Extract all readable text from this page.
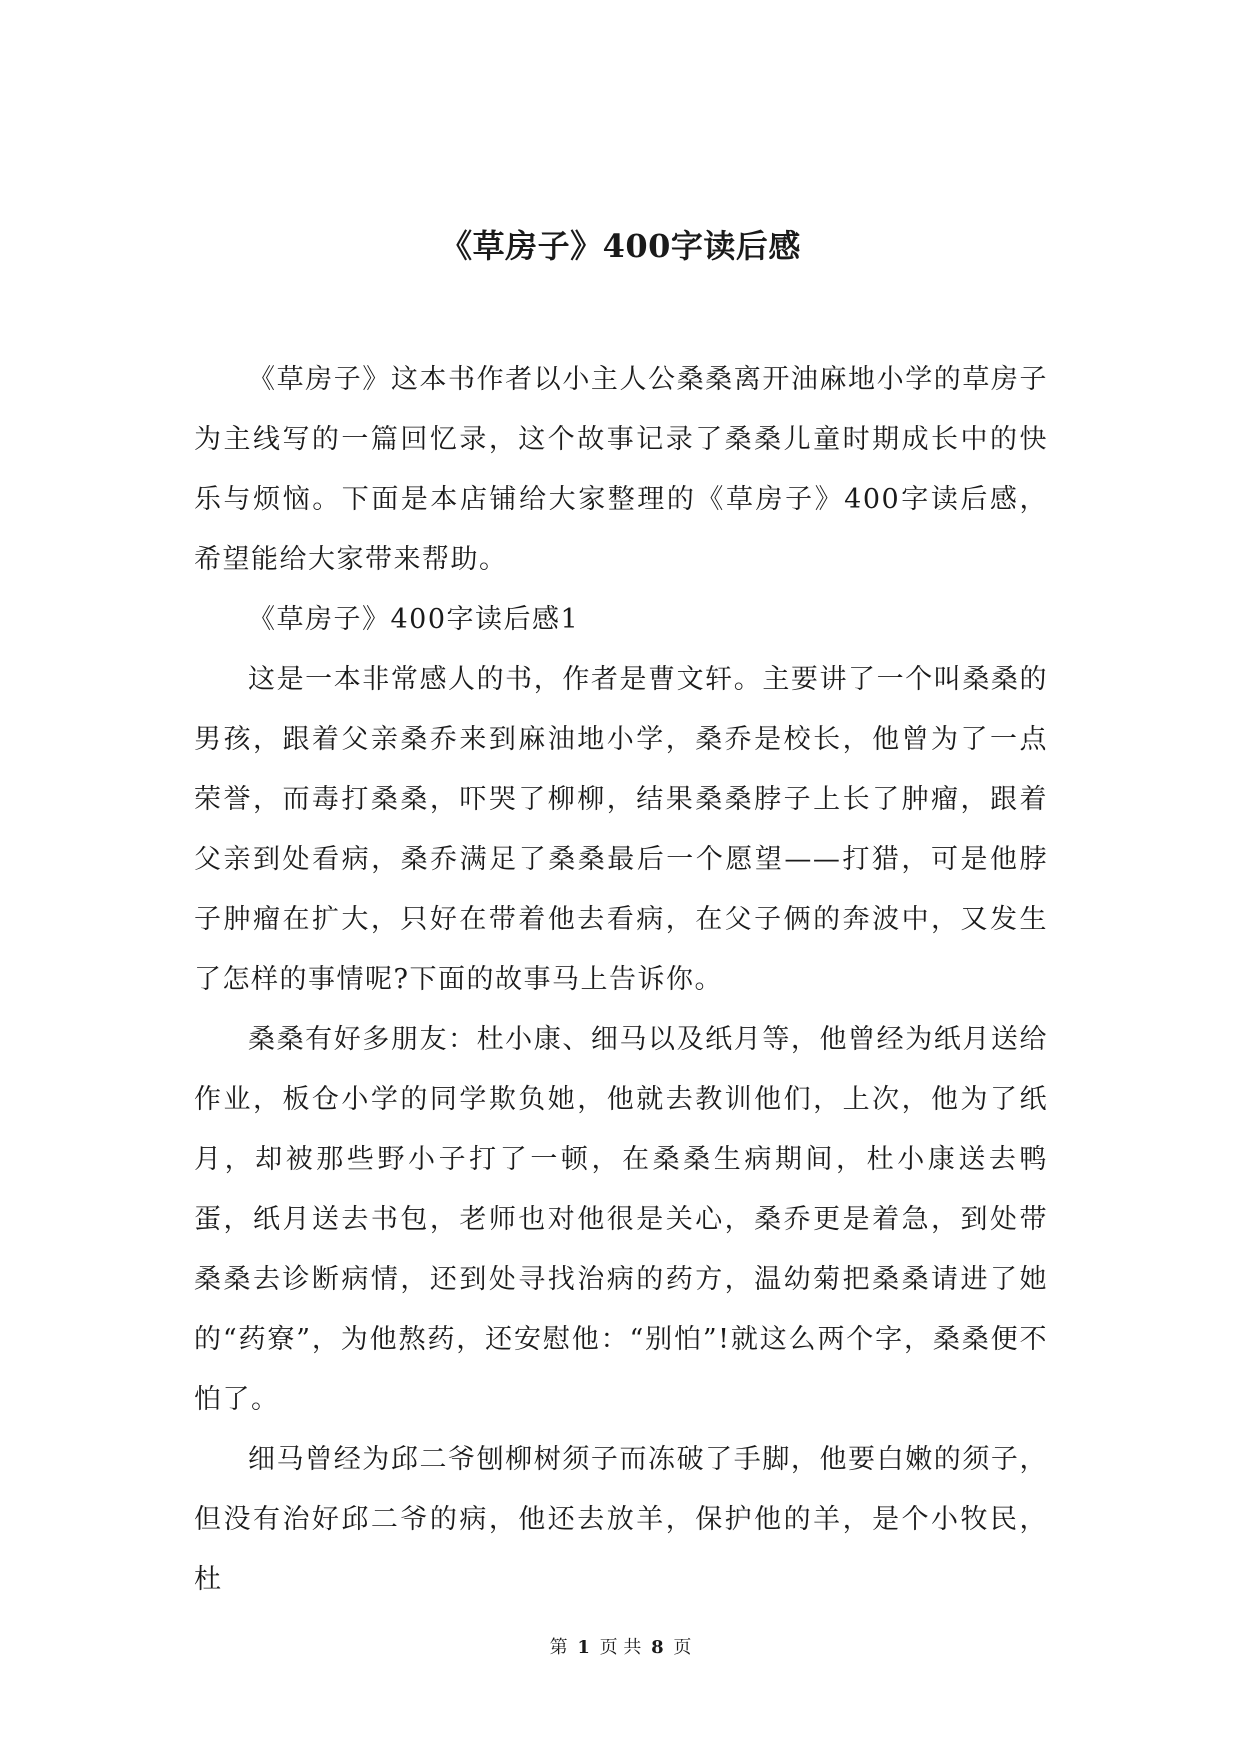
《草房子》400字读后感

《草房子》这本书作者以小主人公桑桑离开油麻地小学的草房子为主线写的一篇回忆录，这个故事记录了桑桑儿童时期成长中的快乐与烦恼。下面是本店铺给大家整理的《草房子》400字读后感，希望能给大家带来帮助。

《草房子》400字读后感1

这是一本非常感人的书，作者是曹文轩。主要讲了一个叫桑桑的男孩，跟着父亲桑乔来到麻油地小学，桑乔是校长，他曾为了一点荣誉，而毒打桑桑，吓哭了柳柳，结果桑桑脖子上长了肿瘤，跟着父亲到处看病，桑乔满足了桑桑最后一个愿望——打猎，可是他脖子肿瘤在扩大，只好在带着他去看病，在父子俩的奔波中，又发生了怎样的事情呢?下面的故事马上告诉你。

桑桑有好多朋友：杜小康、细马以及纸月等，他曾经为纸月送给作业，板仓小学的同学欺负她，他就去教训他们，上次，他为了纸月，却被那些野小子打了一顿，在桑桑生病期间，杜小康送去鸭蛋，纸月送去书包，老师也对他很是关心，桑乔更是着急，到处带桑桑去诊断病情，还到处寻找治病的药方，温幼菊把桑桑请进了她的“药寮”，为他熬药，还安慰他：“别怕”!就这么两个字，桑桑便不怕了。

细马曾经为邱二爷刨柳树须子而冻破了手脚，他要白嫩的须子，但没有治好邱二爷的病，他还去放羊，保护他的羊，是个小牧民，杜

第 1 页 共 8 页
